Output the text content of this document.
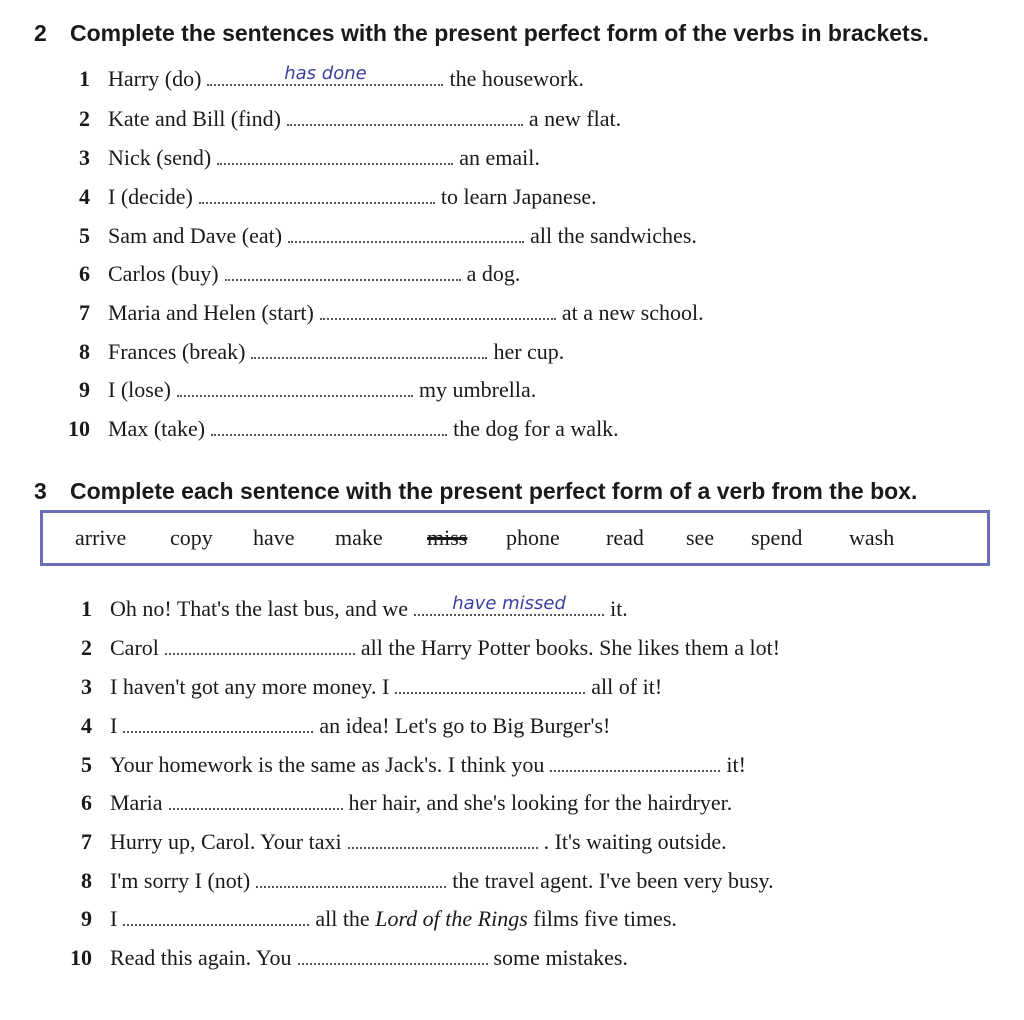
2 Complete the sentences with the present perfect form of the verbs in brackets.
1 Harry (do)	has done	the housework.
2 Kate and Bill (find)	a new flat.
3 Nick (send)	an email.
4 I (decide)	to learn Japanese.
5 Sam and Dave (eat)	all the sandwiches.
6 Carlos (buy)	a dog.
7 Maria and Helen (start)	at a new school.
8 Frances (break)	her cup.
9 I (lose)	my umbrella.
10 Max (take)	the dog for a walk.
3 Complete each sentence with the present perfect form of a verb from the box.
arrive copy have make miss phone read see spend wash
1 Oh no! That's the last bus, and we	have missed	it.
2 Carol	all the Harry Potter books. She likes them a lot!
3 I haven't got any more money. I	all of it!
4 I	an idea! Let's go to Big Burger's!
5 Your homework is the same as Jack's. I think you	it!
6 Maria	her hair, and she's looking for the hairdryer.
7 Hurry up, Carol. Your taxi	. It's waiting outside.
8 I'm sorry I (not)	the travel agent. I've been very busy.
9 I	all the Lord of the Rings films five times.
10 Read this again. You	some mistakes.
